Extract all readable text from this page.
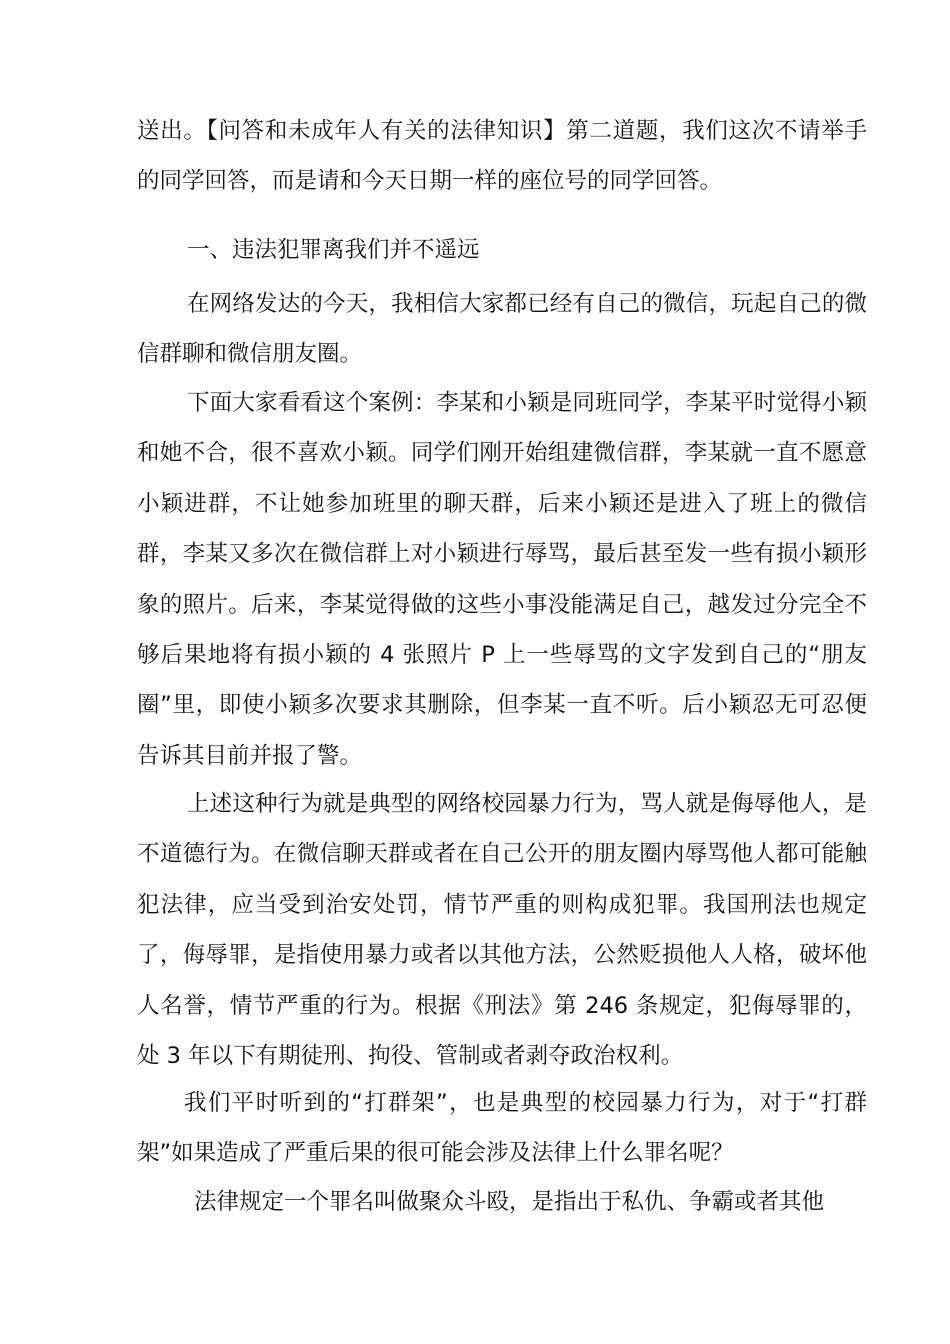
送出。【问答和未成年人有关的法律知识】第二道题，我们这次不请举手的同学回答，而是请和今天日期一样的座位号的同学回答。

一、违法犯罪离我们并不遥远

在网络发达的今天，我相信大家都已经有自己的微信，玩起自己的微信群聊和微信朋友圈。

下面大家看看这个案例：李某和小颖是同班同学，李某平时觉得小颖和她不合，很不喜欢小颖。同学们刚开始组建微信群，李某就一直不愿意小颖进群，不让她参加班里的聊天群，后来小颖还是进入了班上的微信群，李某又多次在微信群上对小颖进行辱骂，最后甚至发一些有损小颖形象的照片。后来，李某觉得做的这些小事没能满足自己，越发过分完全不够后果地将有损小颖的 4 张照片 P 上一些辱骂的文字发到自己的“朋友圈”里，即使小颖多次要求其删除，但李某一直不听。后小颖忍无可忍便告诉其目前并报了警。

上述这种行为就是典型的网络校园暴力行为，骂人就是侮辱他人，是不道德行为。在微信聊天群或者在自己公开的朋友圈内辱骂他人都可能触犯法律，应当受到治安处罚，情节严重的则构成犯罪。我国刑法也规定了，侮辱罪，是指使用暴力或者以其他方法，公然贬损他人人格，破坏他人名誉，情节严重的行为。根据《刑法》第 246 条规定，犯侮辱罪的，处 3 年以下有期徒刑、拘役、管制或者剥夺政治权利。

我们平时听到的“打群架”，也是典型的校园暴力行为，对于“打群架”如果造成了严重后果的很可能会涉及法律上什么罪名呢？

法律规定一个罪名叫做聚众斗殴，是指出于私仇、争霸或者其他
